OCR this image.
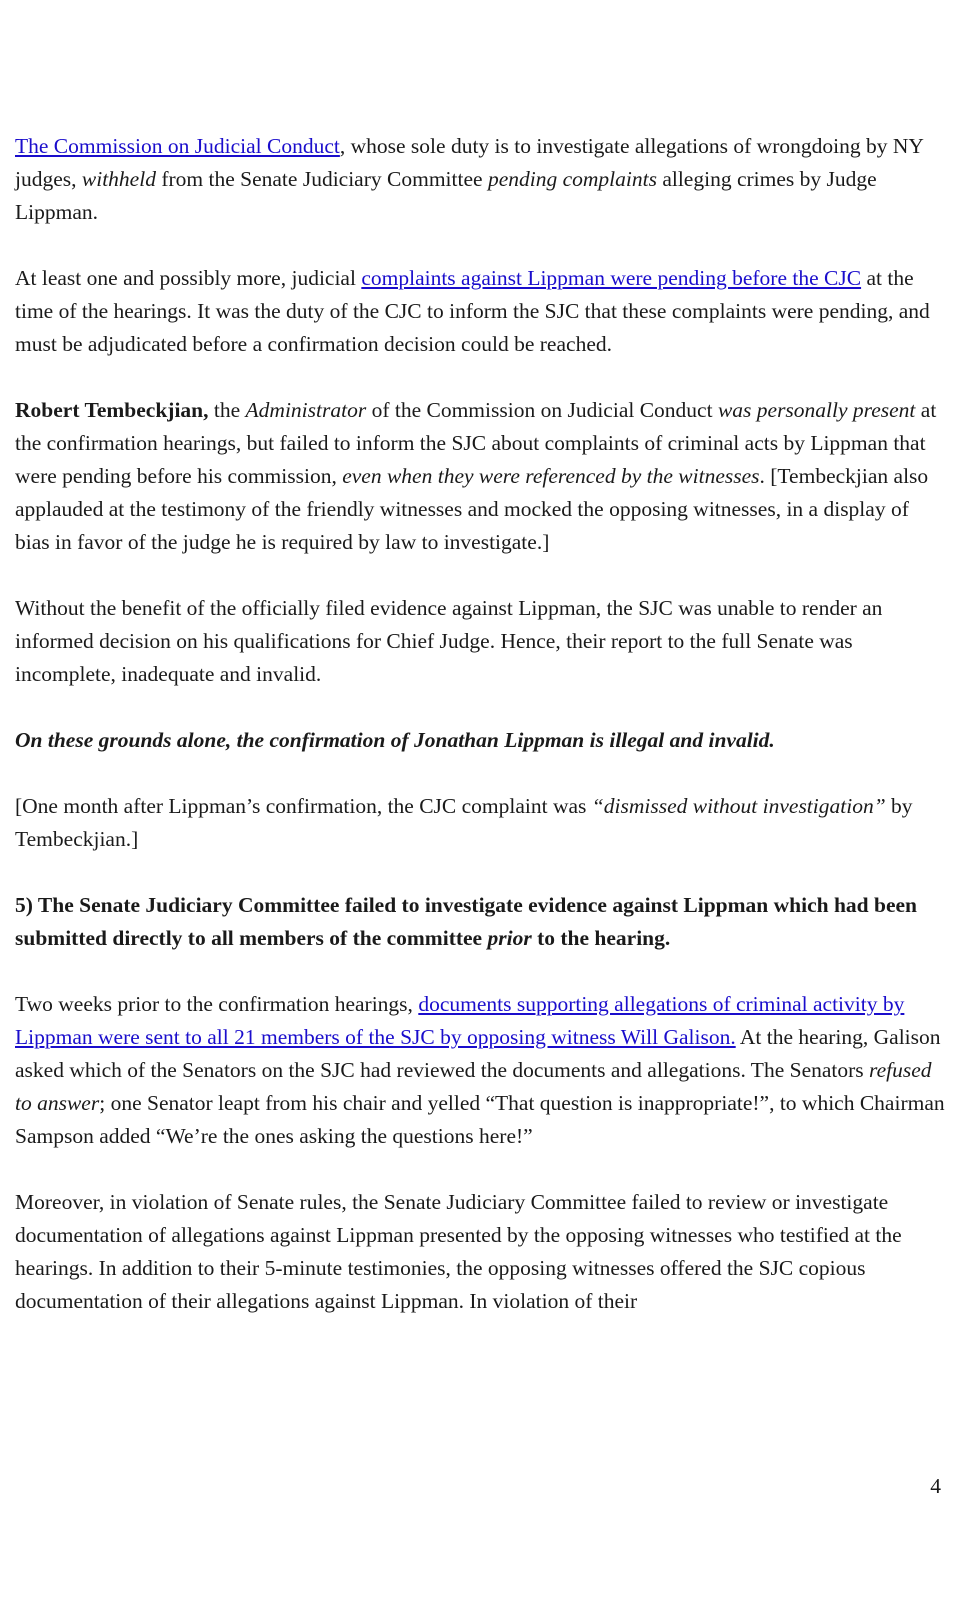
The Commission on Judicial Conduct, whose sole duty is to investigate allegations of wrongdoing by NY judges, withheld from the Senate Judiciary Committee pending complaints alleging crimes by Judge Lippman.

At least one and possibly more, judicial complaints against Lippman were pending before the CJC at the time of the hearings. It was the duty of the CJC to inform the SJC that these complaints were pending, and must be adjudicated before a confirmation decision could be reached.

Robert Tembeckjian, the Administrator of the Commission on Judicial Conduct was personally present at the confirmation hearings, but failed to inform the SJC about complaints of criminal acts by Lippman that were pending before his commission, even when they were referenced by the witnesses. [Tembeckjian also applauded at the testimony of the friendly witnesses and mocked the opposing witnesses, in a display of bias in favor of the judge he is required by law to investigate.]

Without the benefit of the officially filed evidence against Lippman, the SJC was unable to render an informed decision on his qualifications for Chief Judge. Hence, their report to the full Senate was incomplete, inadequate and invalid.

On these grounds alone, the confirmation of Jonathan Lippman is illegal and invalid.

[One month after Lippman’s confirmation, the CJC complaint was “dismissed without investigation” by Tembeckjian.]

5) The Senate Judiciary Committee failed to investigate evidence against Lippman which had been submitted directly to all members of the committee prior to the hearing.

Two weeks prior to the confirmation hearings, documents supporting allegations of criminal activity by Lippman were sent to all 21 members of the SJC by opposing witness Will Galison. At the hearing, Galison asked which of the Senators on the SJC had reviewed the documents and allegations. The Senators refused to answer; one Senator leapt from his chair and yelled “That question is inappropriate!”, to which Chairman Sampson added “We’re the ones asking the questions here!”

Moreover, in violation of Senate rules, the Senate Judiciary Committee failed to review or investigate documentation of allegations against Lippman presented by the opposing witnesses who testified at the hearings. In addition to their 5-minute testimonies, the opposing witnesses offered the SJC copious documentation of their allegations against Lippman. In violation of their

4
